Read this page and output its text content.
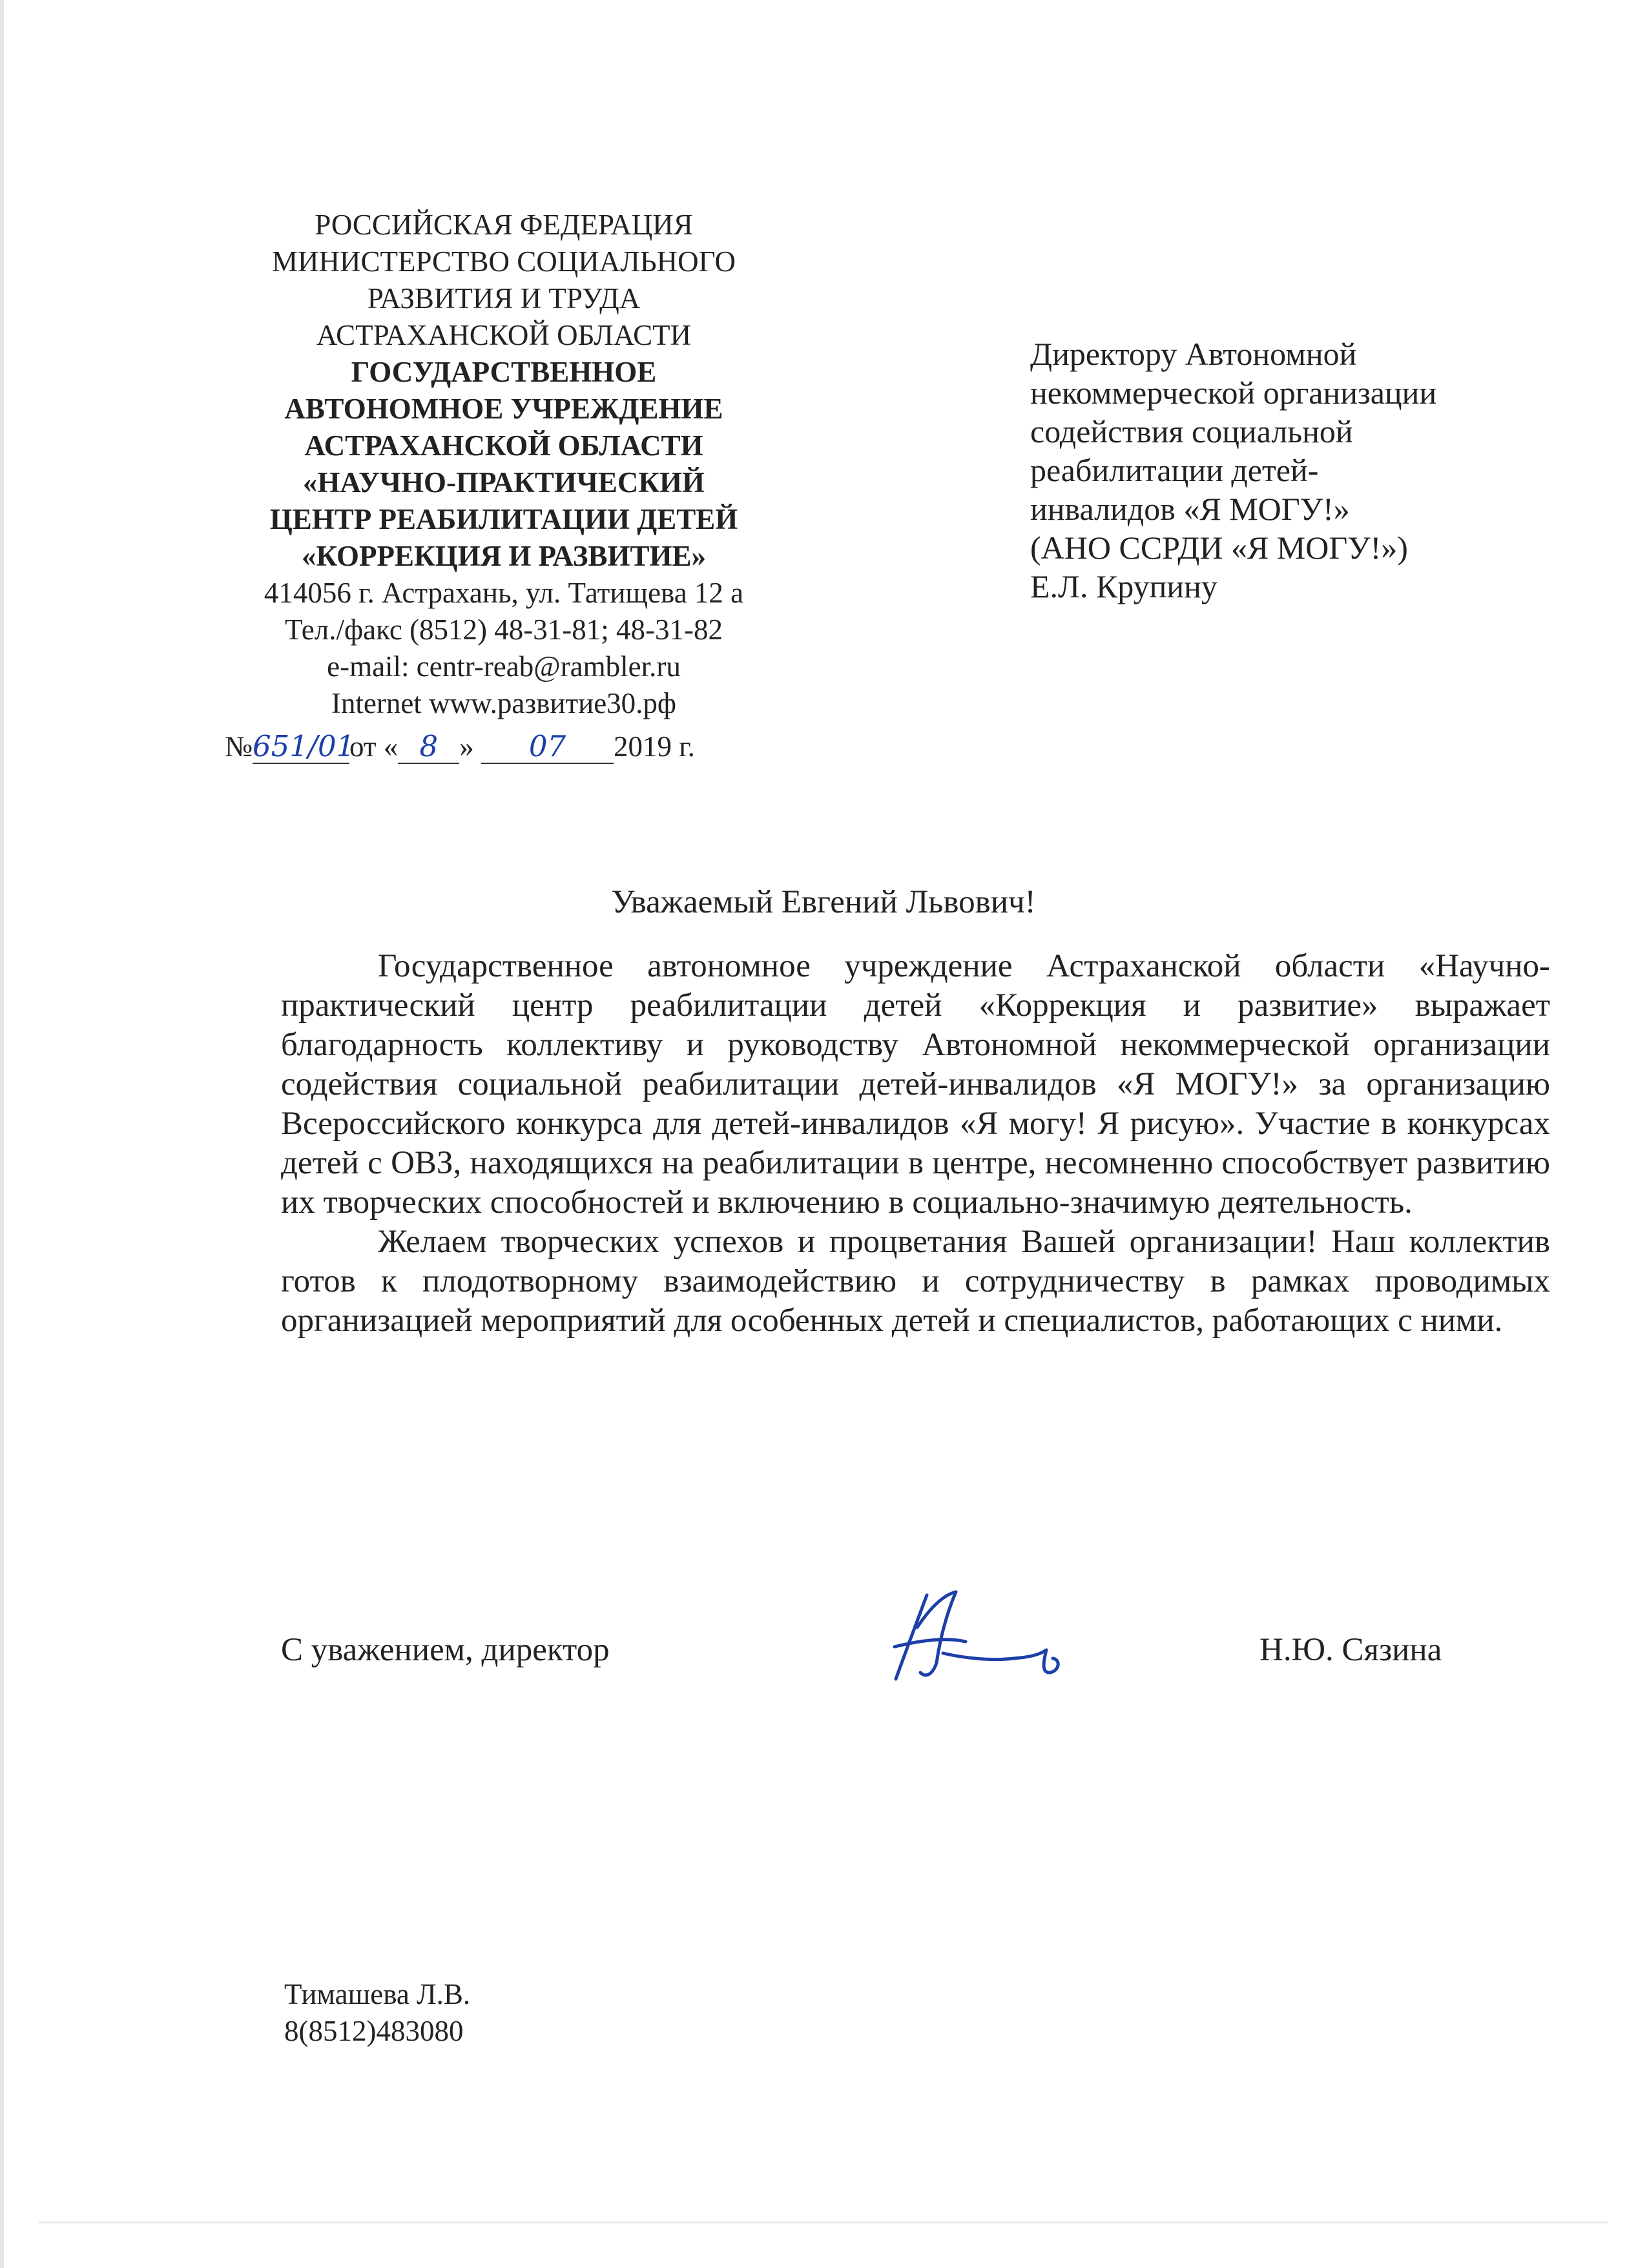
РОССИЙСКАЯ ФЕДЕРАЦИЯ
МИНИСТЕРСТВО СОЦИАЛЬНОГО
РАЗВИТИЯ И ТРУДА
АСТРАХАНСКОЙ ОБЛАСТИ
ГОСУДАРСТВЕННОЕ
АВТОНОМНОЕ УЧРЕЖДЕНИЕ
АСТРАХАНСКОЙ ОБЛАСТИ
«НАУЧНО-ПРАКТИЧЕСКИЙ
ЦЕНТР РЕАБИЛИТАЦИИ ДЕТЕЙ
«КОРРЕКЦИЯ И РАЗВИТИЕ»
414056 г. Астрахань, ул. Татищева 12 а
Тел./факс (8512) 48-31-81; 48-31-82
e-mail: centr-reab@rambler.ru
Internet www.развитие30.рф
№651/01от « 8 » 07 2019 г.
Директору Автономной
некоммерческой организации
содействия социальной
реабилитации детей-
инвалидов «Я МОГУ!»
(АНО ССРДИ «Я МОГУ!»)
Е.Л. Крупину
Уважаемый Евгений Львович!

Государственное автономное учреждение Астраханской области «Научно-практический центр реабилитации детей «Коррекция и развитие» выражает благодарность коллективу и руководству Автономной некоммерческой организации содействия социальной реабилитации детей-инвалидов «Я МОГУ!» за организацию Всероссийского конкурса для детей-инвалидов «Я могу! Я рисую». Участие в конкурсах детей с ОВЗ, находящихся на реабилитации в центре, несомненно способствует развитию их творческих способностей и включению в социально-значимую деятельность.

Желаем творческих успехов и процветания Вашей организации! Наш коллектив готов к плодотворному взаимодействию и сотрудничеству в рамках проводимых организацией мероприятий для особенных детей и специалистов, работающих с ними.

С уважением, директор	Н.Ю. Сязина
Тимашева Л.В.
8(8512)483080
